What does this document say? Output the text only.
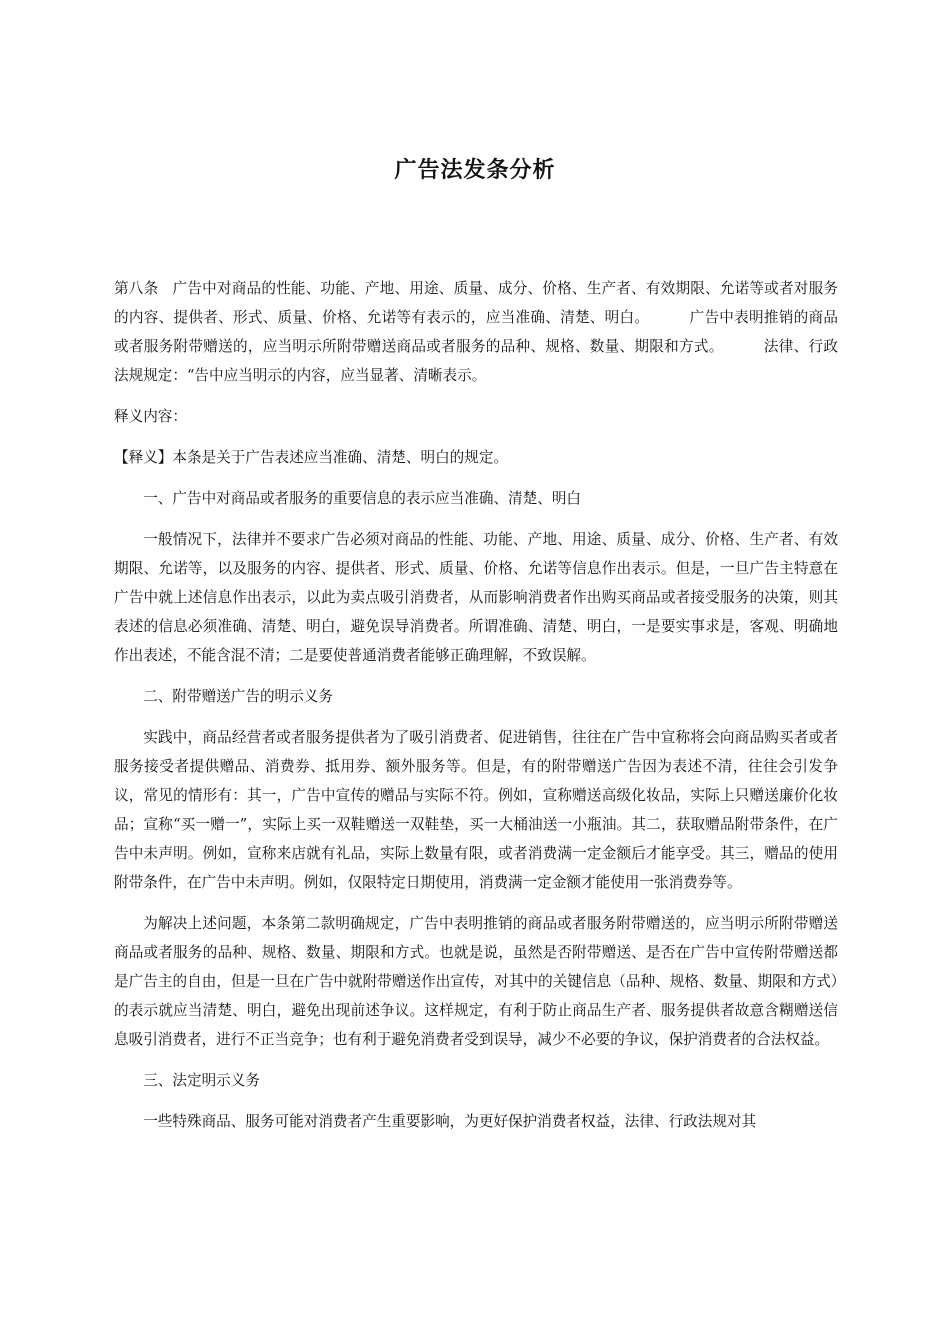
广告法发条分析

第八条 广告中对商品的性能、功能、产地、用途、质量、成分、价格、生产者、有效期限、允诺等或者对服务的内容、提供者、形式、质量、价格、允诺等有表示的，应当准确、清楚、明白。	广告中表明推销的商品或者服务附带赠送的，应当明示所附带赠送商品或者服务的品种、规格、数量、期限和方式。	法律、行政法规规定：“告中应当明示的内容，应当显著、清晰表示。

释义内容：

【释义】本条是关于广告表述应当准确、清楚、明白的规定。

一、广告中对商品或者服务的重要信息的表示应当准确、清楚、明白

一般情况下，法律并不要求广告必须对商品的性能、功能、产地、用途、质量、成分、价格、生产者、有效期限、允诺等，以及服务的内容、提供者、形式、质量、价格、允诺等信息作出表示。但是，一旦广告主特意在广告中就上述信息作出表示，以此为卖点吸引消费者，从而影响消费者作出购买商品或者接受服务的决策，则其表述的信息必须准确、清楚、明白，避免误导消费者。所谓准确、清楚、明白，一是要实事求是，客观、明确地作出表述，不能含混不清；二是要使普通消费者能够正确理解，不致误解。

二、附带赠送广告的明示义务

实践中，商品经营者或者服务提供者为了吸引消费者、促进销售，往往在广告中宣称将会向商品购买者或者服务接受者提供赠品、消费券、抵用券、额外服务等。但是，有的附带赠送广告因为表述不清，往往会引发争议，常见的情形有：其一，广告中宣传的赠品与实际不符。例如，宣称赠送高级化妆品，实际上只赠送廉价化妆品；宣称“买一赠一”，实际上买一双鞋赠送一双鞋垫，买一大桶油送一小瓶油。其二，获取赠品附带条件，在广告中未声明。例如，宣称来店就有礼品，实际上数量有限，或者消费满一定金额后才能享受。其三，赠品的使用附带条件，在广告中未声明。例如，仅限特定日期使用，消费满一定金额才能使用一张消费券等。

为解决上述问题，本条第二款明确规定，广告中表明推销的商品或者服务附带赠送的，应当明示所附带赠送商品或者服务的品种、规格、数量、期限和方式。也就是说，虽然是否附带赠送、是否在广告中宣传附带赠送都是广告主的自由，但是一旦在广告中就附带赠送作出宣传，对其中的关键信息（品种、规格、数量、期限和方式）的表示就应当清楚、明白，避免出现前述争议。这样规定，有利于防止商品生产者、服务提供者故意含糊赠送信息吸引消费者，进行不正当竞争；也有利于避免消费者受到误导，减少不必要的争议，保护消费者的合法权益。

三、法定明示义务

一些特殊商品、服务可能对消费者产生重要影响，为更好保护消费者权益，法律、行政法规对其
